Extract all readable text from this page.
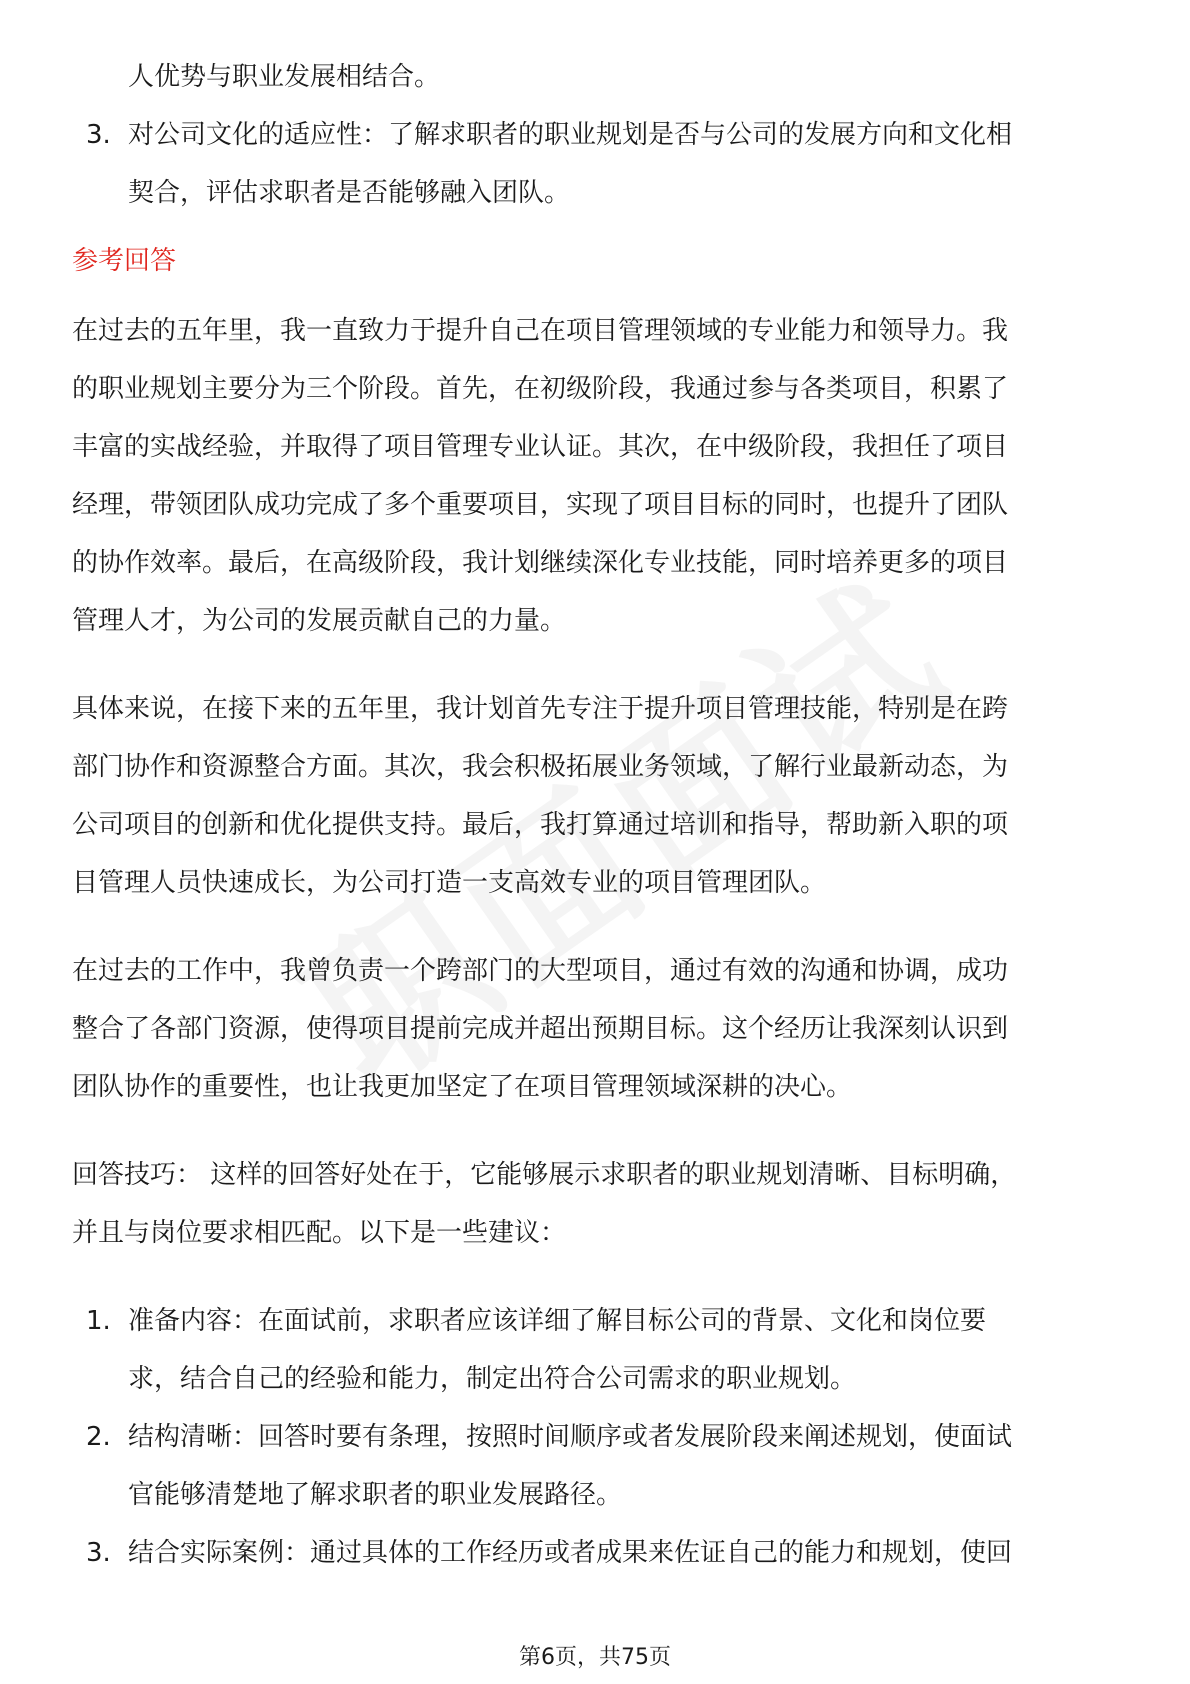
人优势与职业发展相结合。
3. 对公司文化的适应性：了解求职者的职业规划是否与公司的发展方向和文化相
契合，评估求职者是否能够融入团队。
参考回答
在过去的五年里，我一直致力于提升自己在项目管理领域的专业能力和领导力。我
的职业规划主要分为三个阶段。首先，在初级阶段，我通过参与各类项目，积累了
丰富的实战经验，并取得了项目管理专业认证。其次，在中级阶段，我担任了项目
经理，带领团队成功完成了多个重要项目，实现了项目目标的同时，也提升了团队
的协作效率。最后，在高级阶段，我计划继续深化专业技能，同时培养更多的项目
管理人才，为公司的发展贡献自己的力量。
具体来说，在接下来的五年里，我计划首先专注于提升项目管理技能，特别是在跨
部门协作和资源整合方面。其次，我会积极拓展业务领域，了解行业最新动态，为
公司项目的创新和优化提供支持。最后，我打算通过培训和指导，帮助新入职的项
目管理人员快速成长，为公司打造一支高效专业的项目管理团队。
在过去的工作中，我曾负责一个跨部门的大型项目，通过有效的沟通和协调，成功
整合了各部门资源，使得项目提前完成并超出预期目标。这个经历让我深刻认识到
团队协作的重要性，也让我更加坚定了在项目管理领域深耕的决心。
回答技巧： 这样的回答好处在于，它能够展示求职者的职业规划清晰、目标明确，
并且与岗位要求相匹配。以下是一些建议：
1. 准备内容：在面试前，求职者应该详细了解目标公司的背景、文化和岗位要
求，结合自己的经验和能力，制定出符合公司需求的职业规划。
2. 结构清晰：回答时要有条理，按照时间顺序或者发展阶段来阐述规划，使面试
官能够清楚地了解求职者的职业发展路径。
3. 结合实际案例：通过具体的工作经历或者成果来佐证自己的能力和规划，使回
第6页，共75页
